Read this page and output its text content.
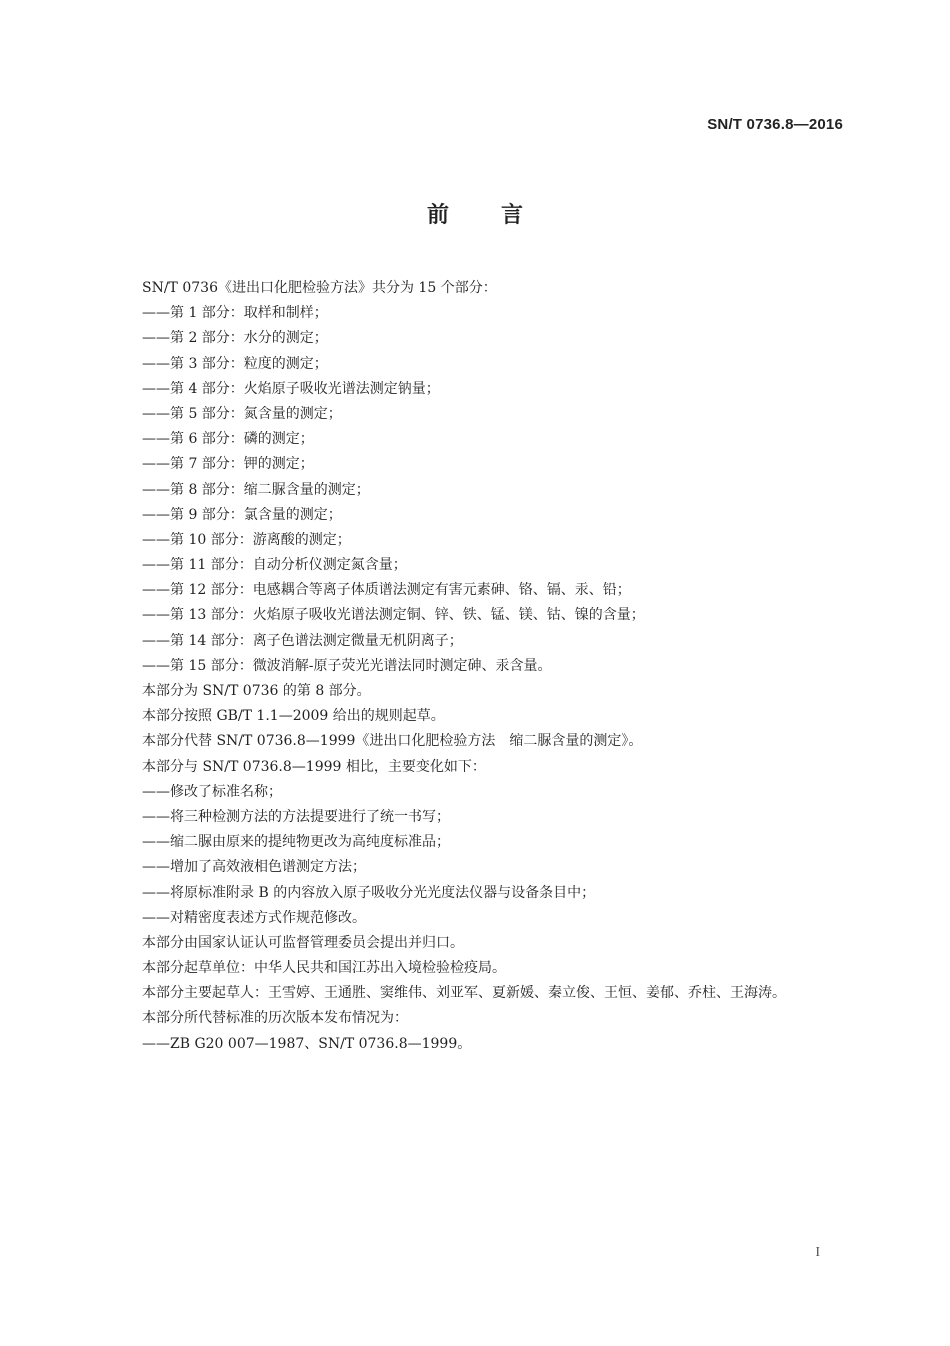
SN/T 0736.8—2016
前言
SN/T 0736《进出口化肥检验方法》共分为 15 个部分：
——第 1 部分：取样和制样；
——第 2 部分：水分的测定；
——第 3 部分：粒度的测定；
——第 4 部分：火焰原子吸收光谱法测定钠量；
——第 5 部分：氮含量的测定；
——第 6 部分：磷的测定；
——第 7 部分：钾的测定；
——第 8 部分：缩二脲含量的测定；
——第 9 部分：氯含量的测定；
——第 10 部分：游离酸的测定；
——第 11 部分：自动分析仪测定氮含量；
——第 12 部分：电感耦合等离子体质谱法测定有害元素砷、铬、镉、汞、铅；
——第 13 部分：火焰原子吸收光谱法测定铜、锌、铁、锰、镁、钴、镍的含量；
——第 14 部分：离子色谱法测定微量无机阴离子；
——第 15 部分：微波消解-原子荧光光谱法同时测定砷、汞含量。
本部分为 SN/T 0736 的第 8 部分。
本部分按照 GB/T 1.1—2009 给出的规则起草。
本部分代替 SN/T 0736.8—1999《进出口化肥检验方法　缩二脲含量的测定》。
本部分与 SN/T 0736.8—1999 相比，主要变化如下：
——修改了标准名称；
——将三种检测方法的方法提要进行了统一书写；
——缩二脲由原来的提纯物更改为高纯度标准品；
——增加了高效液相色谱测定方法；
——将原标准附录 B 的内容放入原子吸收分光光度法仪器与设备条目中；
——对精密度表述方式作规范修改。
本部分由国家认证认可监督管理委员会提出并归口。
本部分起草单位：中华人民共和国江苏出入境检验检疫局。
本部分主要起草人：王雪婷、王通胜、窦维伟、刘亚军、夏新媛、秦立俊、王恒、姜郁、乔柱、王海涛。
本部分所代替标准的历次版本发布情况为：
——ZB G20 007—1987、SN/T 0736.8—1999。
I
